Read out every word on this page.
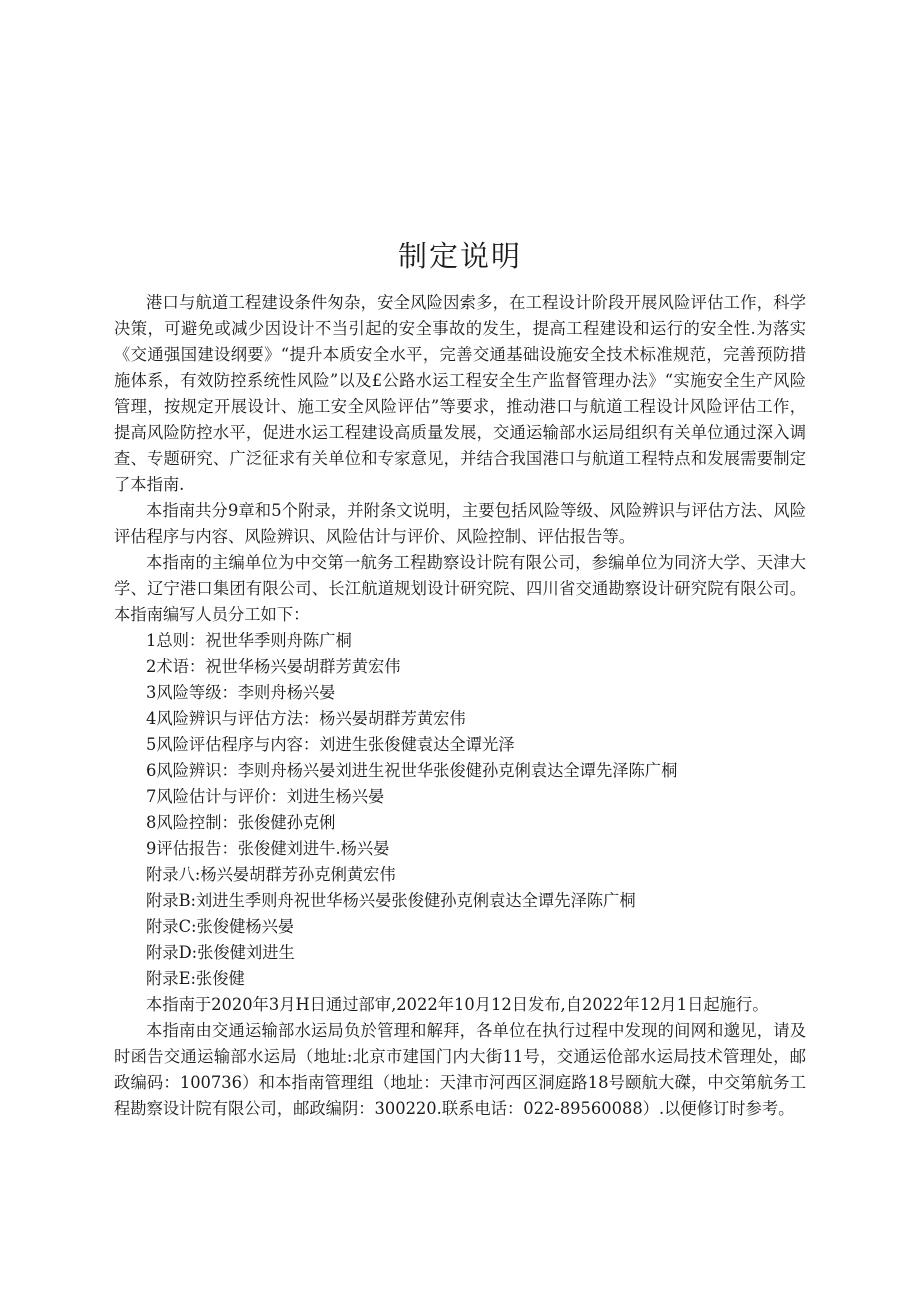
制定说明

港口与航道工程建设条件匆杂，安全风险因索多，在工程设计阶段开展风险评估工作，科学决策，可避免或减少因设计不当引起的安全事故的发生，提高工程建设和运行的安全性.为落实《交通强国建设纲要》“提升本质安全水平，完善交通基础设施安全技术标准规范，完善预防措施体系，有效防控系统性风险”以及£公路水运工程安全生产监督管理办法》“实施安全生产风险管理，按规定开展设计、施工安全风险评估”等要求，推动港口与航道工程设计风险评估工作，提高风险防控水平，促进水运工程建设高质量发展，交通运输部水运局组织有关单位通过深入调查、专题研究、广泛征求有关单位和专家意见，并结合我国港口与航道工程特点和发展需要制定了本指南.

本指南共分9章和5个附录，并附条文说明，主要包括风险等级、风险辨识与评估方法、风险评估程序与内容、风险辨识、风险估计与评价、风险控制、评估报告等。

本指南的主编单位为中交第一航务工程勘察设计院有限公司，参编单位为同济大学、天津大学、辽宁港口集团有限公司、长江航道规划设计研究院、四川省交通勘察设计研究院有限公司。本指南编写人员分工如下：

1总则：祝世华季则舟陈广桐

2术语：祝世华杨兴晏胡群芳黄宏伟

3风险等级：李则舟杨兴晏

4风险辨识与评估方法：杨兴晏胡群芳黄宏伟

5风险评估程序与内容：刘进生张俊健袁达全谭光泽

6风险辨识：李则舟杨兴晏刘进生祝世华张俊健孙克俐袁达全谭先泽陈广桐

7风险估计与评价：刘进生杨兴晏

8风险控制：张俊健孙克俐

9评估报告：张俊健刘进牛.杨兴晏

附录八:杨兴晏胡群芳孙克俐黄宏伟

附录B:刘进生季则舟祝世华杨兴晏张俊健孙克俐袁达全谭先泽陈广桐

附录C:张俊健杨兴晏

附录D:张俊健刘进生

附录E:张俊健

本指南于2020年3月H日通过部审,2022年10月12日发布,自2022年12月1日起施行。

本指南由交通运输部水运局负於管理和解拜，各单位在执行过程中发现的间网和邈见，请及时函告交通运输部水运局（地址:北京市建国门内大街11号，交通运伧部水运局技术管理处，邮政编码：100736）和本指南管理组（地址：天津市河西区洞庭路18号颐航大磔，中交第航务工程勘察设计院有限公司，邮政编阴：300220.联系电话：022-89560088）.以便修订时参考。
